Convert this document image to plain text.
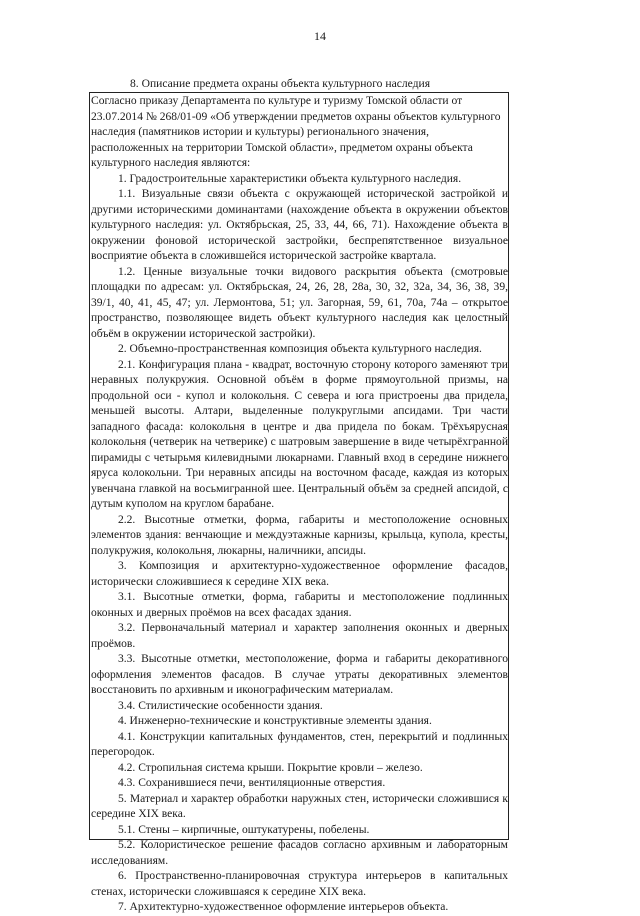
14
8. Описание предмета охраны объекта культурного наследия

Согласно приказу Департамента по культуре и туризму Томской области от 23.07.2014 № 268/01-09 «Об утверждении предметов охраны объектов культурного наследия (памятников истории и культуры) регионального значения, расположенных на территории Томской области», предметом охраны объекта культурного наследия являются:

1. Градостроительные характеристики объекта культурного наследия.

1.1. Визуальные связи объекта с окружающей исторической застройкой и другими историческими доминантами (нахождение объекта в окружении объектов культурного наследия: ул. Октябрьская, 25, 33, 44, 66, 71). Нахождение объекта в окружении фоновой исторической застройки, беспрепятственное визуальное восприятие объекта в сложившейся исторической застройке квартала.

1.2. Ценные визуальные точки видового раскрытия объекта (смотровые площадки по адресам: ул. Октябрьская, 24, 26, 28, 28а, 30, 32, 32а, 34, 36, 38, 39, 39/1, 40, 41, 45, 47; ул. Лермонтова, 51; ул. Загорная, 59, 61, 70а, 74а – открытое пространство, позволяющее видеть объект культурного наследия как целостный объём в окружении исторической застройки).

2. Объемно-пространственная композиция объекта культурного наследия.

2.1. Конфигурация плана - квадрат, восточную сторону которого заменяют три неравных полукружия. Основной объём в форме прямоугольной призмы, на продольной оси - купол и колокольня. С севера и юга пристроены два придела, меньшей высоты. Алтари, выделенные полукруглыми апсидами. Три части западного фасада: колокольня в центре и два придела по бокам. Трёхъярусная колокольня (четверик на четверике) с шатровым завершение в виде четырёхгранной пирамиды с четырьмя килевидными люкарнами. Главный вход в середине нижнего яруса колокольни. Три неравных апсиды на восточном фасаде, каждая из которых увенчана главкой на восьмигранной шее. Центральный объём за средней апсидой, с дутым куполом на круглом барабане.

2.2. Высотные отметки, форма, габариты и местоположение основных элементов здания: венчающие и междуэтажные карнизы, крыльца, купола, кресты, полукружия, колокольня, люкарны, наличники, апсиды.

3. Композиция и архитектурно-художественное оформление фасадов, исторически сложившиеся к середине XIX века.

3.1. Высотные отметки, форма, габариты и местоположение подлинных оконных и дверных проёмов на всех фасадах здания.

3.2. Первоначальный материал и характер заполнения оконных и дверных проёмов.

3.3. Высотные отметки, местоположение, форма и габариты декоративного оформления элементов фасадов. В случае утраты декоративных элементов восстановить по архивным и иконографическим материалам.

3.4. Стилистические особенности здания.

4. Инженерно-технические и конструктивные элементы здания.

4.1. Конструкции капитальных фундаментов, стен, перекрытий и подлинных перегородок.

4.2. Стропильная система крыши. Покрытие кровли – железо.

4.3. Сохранившиеся печи, вентиляционные отверстия.

5. Материал и характер обработки наружных стен, исторически сложившися к середине XIX века.

5.1. Стены – кирпичные, оштукатурены, побелены.

5.2. Колористическое решение фасадов согласно архивным и лабораторным исследованиям.

6. Пространственно-планировочная структура интерьеров в капитальных стенах, исторически сложившаяся к середине XIX века.

7. Архитектурно-художественное оформление интерьеров объекта.
